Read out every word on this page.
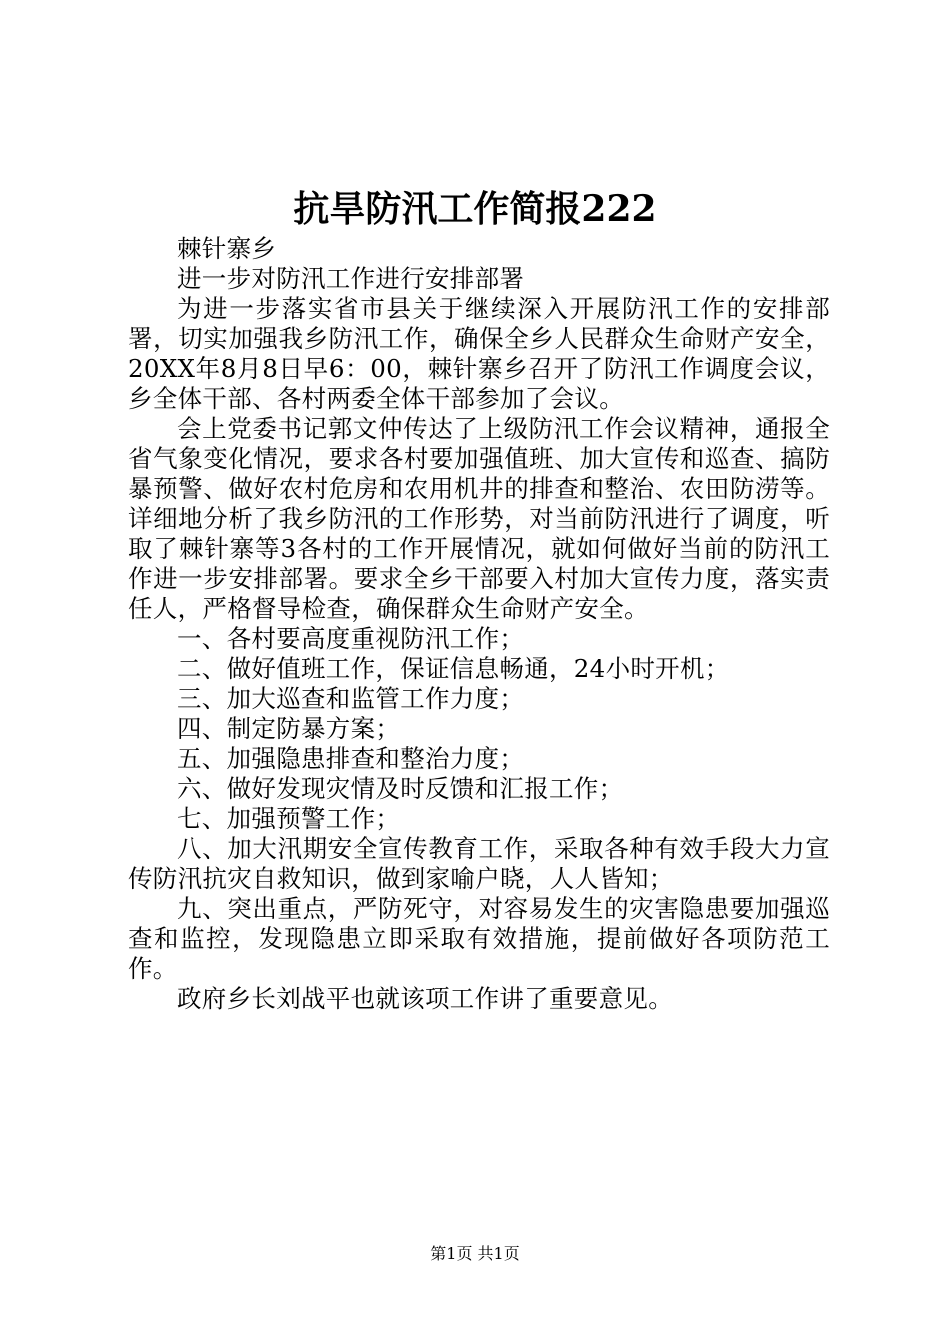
抗旱防汛工作简报222

棘针寨乡

进一步对防汛工作进行安排部署

为进一步落实省市县关于继续深入开展防汛工作的安排部署，切实加强我乡防汛工作，确保全乡人民群众生命财产安全，20XX年8月8日早6：00，棘针寨乡召开了防汛工作调度会议，乡全体干部、各村两委全体干部参加了会议。

会上党委书记郭文仲传达了上级防汛工作会议精神，通报全省气象变化情况，要求各村要加强值班、加大宣传和巡查、搞防暴预警、做好农村危房和农用机井的排查和整治、农田防涝等。详细地分析了我乡防汛的工作形势，对当前防汛进行了调度，听取了棘针寨等3各村的工作开展情况，就如何做好当前的防汛工作进一步安排部署。要求全乡干部要入村加大宣传力度，落实责任人，严格督导检查，确保群众生命财产安全。

一、各村要高度重视防汛工作；

二、做好值班工作，保证信息畅通，24小时开机；

三、加大巡查和监管工作力度；

四、制定防暴方案；

五、加强隐患排查和整治力度；

六、做好发现灾情及时反馈和汇报工作；

七、加强预警工作；

八、加大汛期安全宣传教育工作，采取各种有效手段大力宣传防汛抗灾自救知识，做到家喻户晓，人人皆知；

九、突出重点，严防死守，对容易发生的灾害隐患要加强巡查和监控，发现隐患立即采取有效措施，提前做好各项防范工作。

政府乡长刘战平也就该项工作讲了重要意见。

第1页 共1页
